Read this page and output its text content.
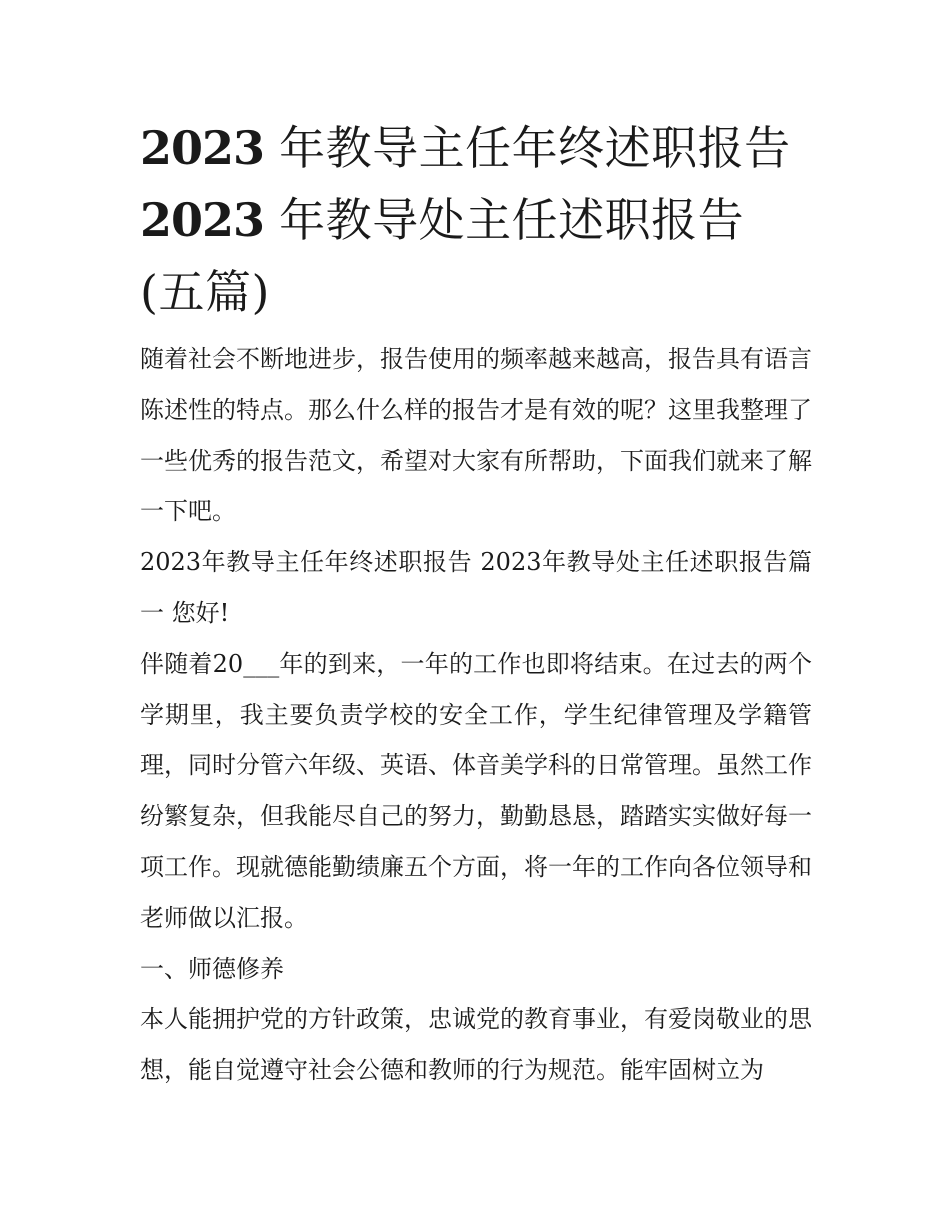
2023 年教导主任年终述职报告
2023 年教导处主任述职报告
(五篇)

随着社会不断地进步，报告使用的频率越来越高，报告具有语言陈述性的特点。那么什么样的报告才是有效的呢？这里我整理了一些优秀的报告范文，希望对大家有所帮助，下面我们就来了解一下吧。

2023年教导主任年终述职报告 2023年教导处主任述职报告篇一 您好!

伴随着20___年的到来，一年的工作也即将结束。在过去的两个学期里，我主要负责学校的安全工作，学生纪律管理及学籍管理，同时分管六年级、英语、体音美学科的日常管理。虽然工作纷繁复杂，但我能尽自己的努力，勤勤恳恳，踏踏实实做好每一项工作。现就德能勤绩廉五个方面，将一年的工作向各位领导和老师做以汇报。

一、师德修养

本人能拥护党的方针政策，忠诚党的教育事业，有爱岗敬业的思想，能自觉遵守社会公德和教师的行为规范。能牢固树立为
